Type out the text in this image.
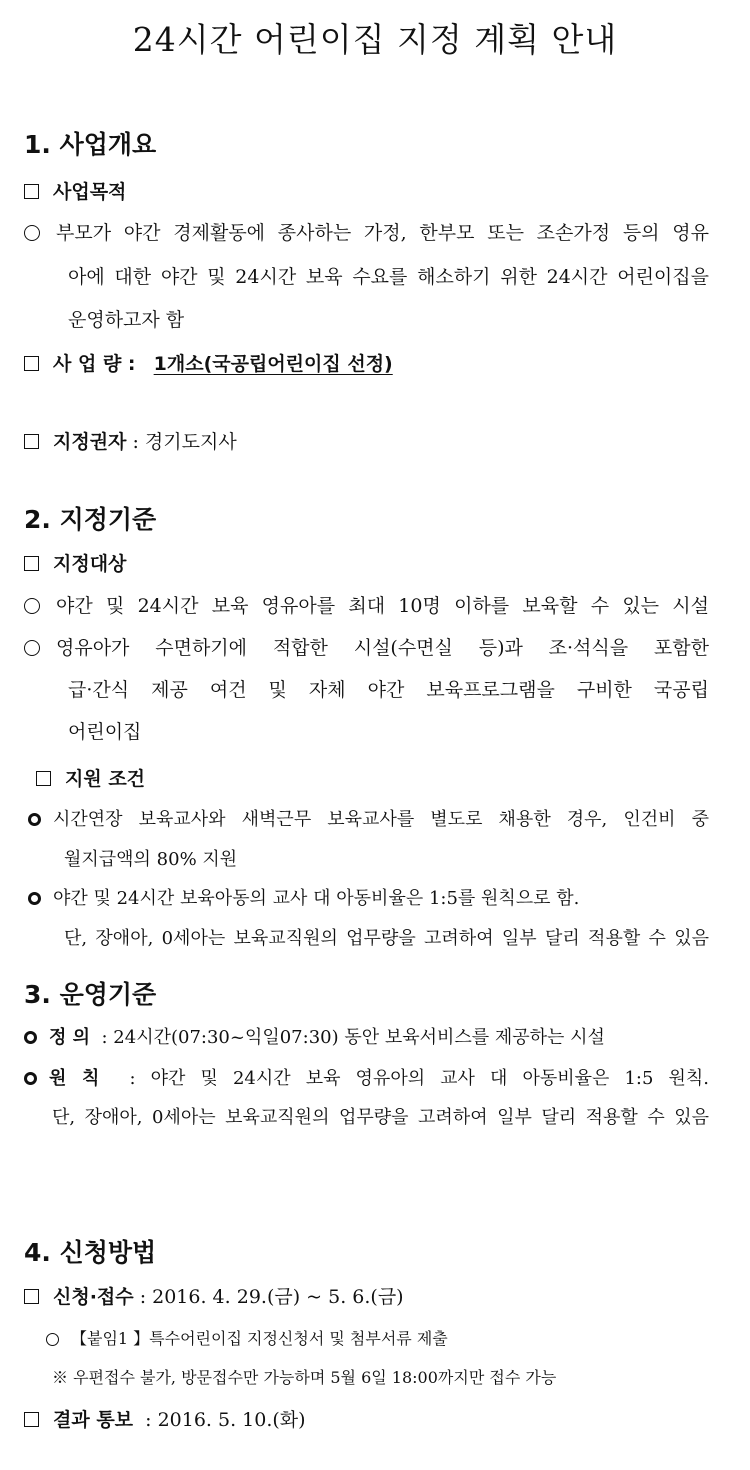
24시간 어린이집 지정 계획 안내
1. 사업개요
사업목적
부모가 야간 경제활동에 종사하는 가정, 한부모 또는 조손가정 등의 영유
아에 대한 야간 및 24시간 보육 수요를 해소하기 위한 24시간 어린이집을
운영하고자 함
사 업 량 : 1개소(국공립어린이집 선정)
지정권자 : 경기도지사
2. 지정기준
지정대상
야간 및 24시간 보육 영유아를 최대 10명 이하를 보육할 수 있는 시설
영유아가 수면하기에 적합한 시설(수면실 등)과 조·석식을 포함한
급·간식 제공 여건 및 자체 야간 보육프로그램을 구비한 국공립
어린이집
지원 조건
시간연장 보육교사와 새벽근무 보육교사를 별도로 채용한 경우, 인건비 중
월지급액의 80% 지원
야간 및 24시간 보육아동의 교사 대 아동비율은 1:5를 원칙으로 함.
단, 장애아, 0세아는 보육교직원의 업무량을 고려하여 일부 달리 적용할 수 있음
3. 운영기준
정 의 : 24시간(07:30~익일07:30) 동안 보육서비스를 제공하는 시설
원 칙 : 야간 및 24시간 보육 영유아의 교사 대 아동비율은 1:5 원칙.
단, 장애아, 0세아는 보육교직원의 업무량을 고려하여 일부 달리 적용할 수 있음
4. 신청방법
신청·접수 : 2016. 4. 29.(금) ~ 5. 6.(금)
【붙임1 】특수어린이집 지정신청서 및 첨부서류 제출
※ 우편접수 불가, 방문접수만 가능하며 5월 6일 18:00까지만 접수 가능
결과 통보 : 2016. 5. 10.(화)
